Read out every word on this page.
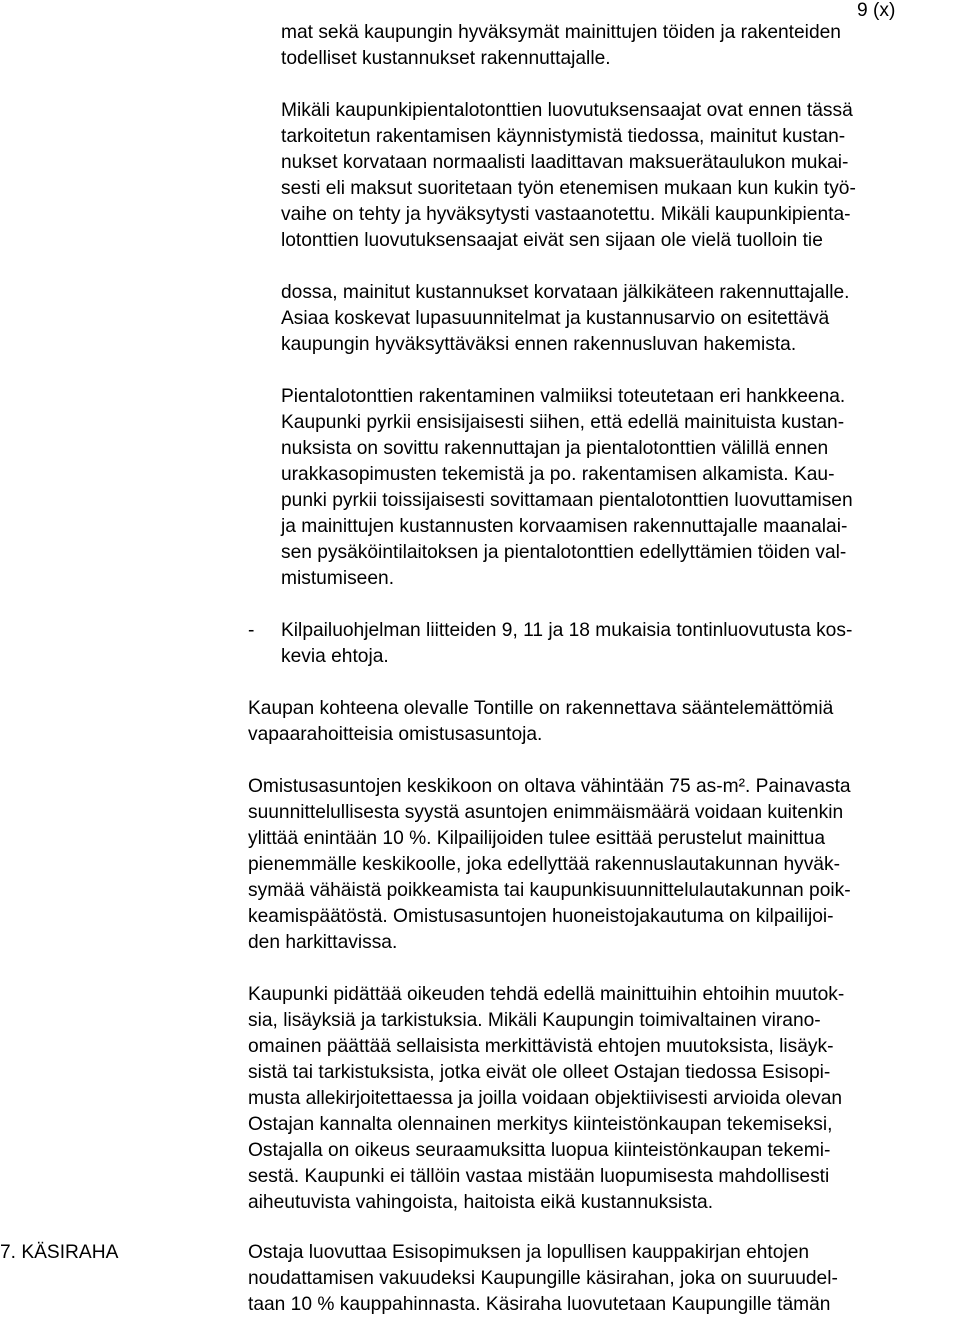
9 (x)
mat sekä kaupungin hyväksymät mainittujen töiden ja rakenteiden
todelliset kustannukset rakennuttajalle.
Mikäli kaupunkipientalotonttien luovutuksensaajat ovat ennen tässä
tarkoitetun rakentamisen käynnistymistä tiedossa, mainitut kustan-
nukset korvataan normaalisti laadittavan maksuerätaulukon mukai-
sesti eli maksut suoritetaan työn etenemisen mukaan kun kukin työ-
vaihe on tehty ja hyväksytysti vastaanotettu. Mikäli kaupunkipienta-
lotonttien luovutuksensaajat eivät sen sijaan ole vielä tuolloin tie
dossa, mainitut kustannukset korvataan jälkikäteen rakennuttajalle.
Asiaa koskevat lupasuunnitelmat ja kustannusarvio on esitettävä
kaupungin hyväksyttäväksi ennen rakennusluvan hakemista.
Pientalotonttien rakentaminen valmiiksi toteutetaan eri hankkeena.
Kaupunki pyrkii ensisijaisesti siihen, että edellä mainituista kustan-
nuksista on sovittu rakennuttajan ja pientalotonttien välillä ennen
urakkasopimusten tekemistä ja po. rakentamisen alkamista. Kau-
punki pyrkii toissijaisesti sovittamaan pientalotonttien luovuttamisen
ja mainittujen kustannusten korvaamisen rakennuttajalle maanalai-
sen pysäköintilaitoksen ja pientalotonttien edellyttämien töiden val-
mistumiseen.
Kilpailuohjelman liitteiden 9, 11 ja 18 mukaisia tontinluovutusta kos-
kevia ehtoja.
Kaupan kohteena olevalle Tontille on rakennettava sääntelemättömiä
vapaarahoitteisia omistusasuntoja.
Omistusasuntojen keskikoon on oltava vähintään 75 as-m². Painavasta
suunnittelullisesta syystä asuntojen enimmäismäärä voidaan kuitenkin
ylittää enintään 10 %. Kilpailijoiden tulee esittää perustelut mainittua
pienemmälle keskikoolle, joka edellyttää rakennuslautakunnan hyväk-
symää vähäistä poikkeamista tai kaupunkisuunnittelulautakunnan poik-
keamispäätöstä. Omistusasuntojen huoneistojakautuma on kilpailijoi-
den harkittavissa.
Kaupunki pidättää oikeuden tehdä edellä mainittuihin ehtoihin muutok-
sia, lisäyksiä ja tarkistuksia. Mikäli Kaupungin toimivaltainen virano-
omainen päättää sellaisista merkittävistä ehtojen muutoksista, lisäyk-
sistä tai tarkistuksista, jotka eivät ole olleet Ostajan tiedossa Esisopi-
musta allekirjoitettaessa ja joilla voidaan objektiivisesti arvioida olevan
Ostajan kannalta olennainen merkitys kiinteistönkaupan tekemiseksi,
Ostajalla on oikeus seuraamuksitta luopua kiinteistönkaupan tekemi-
sestä. Kaupunki ei tällöin vastaa mistään luopumisesta mahdollisesti
aiheutuvista vahingoista, haitoista eikä kustannuksista.
Ostaja luovuttaa Esisopimuksen ja lopullisen kauppakirjan ehtojen
noudattamisen vakuudeksi Kaupungille käsirahan, joka on suuruudel-
taan 10 % kauppahinnasta. Käsiraha luovutetaan Kaupungille tämän
7. KÄSIRAHA
-
